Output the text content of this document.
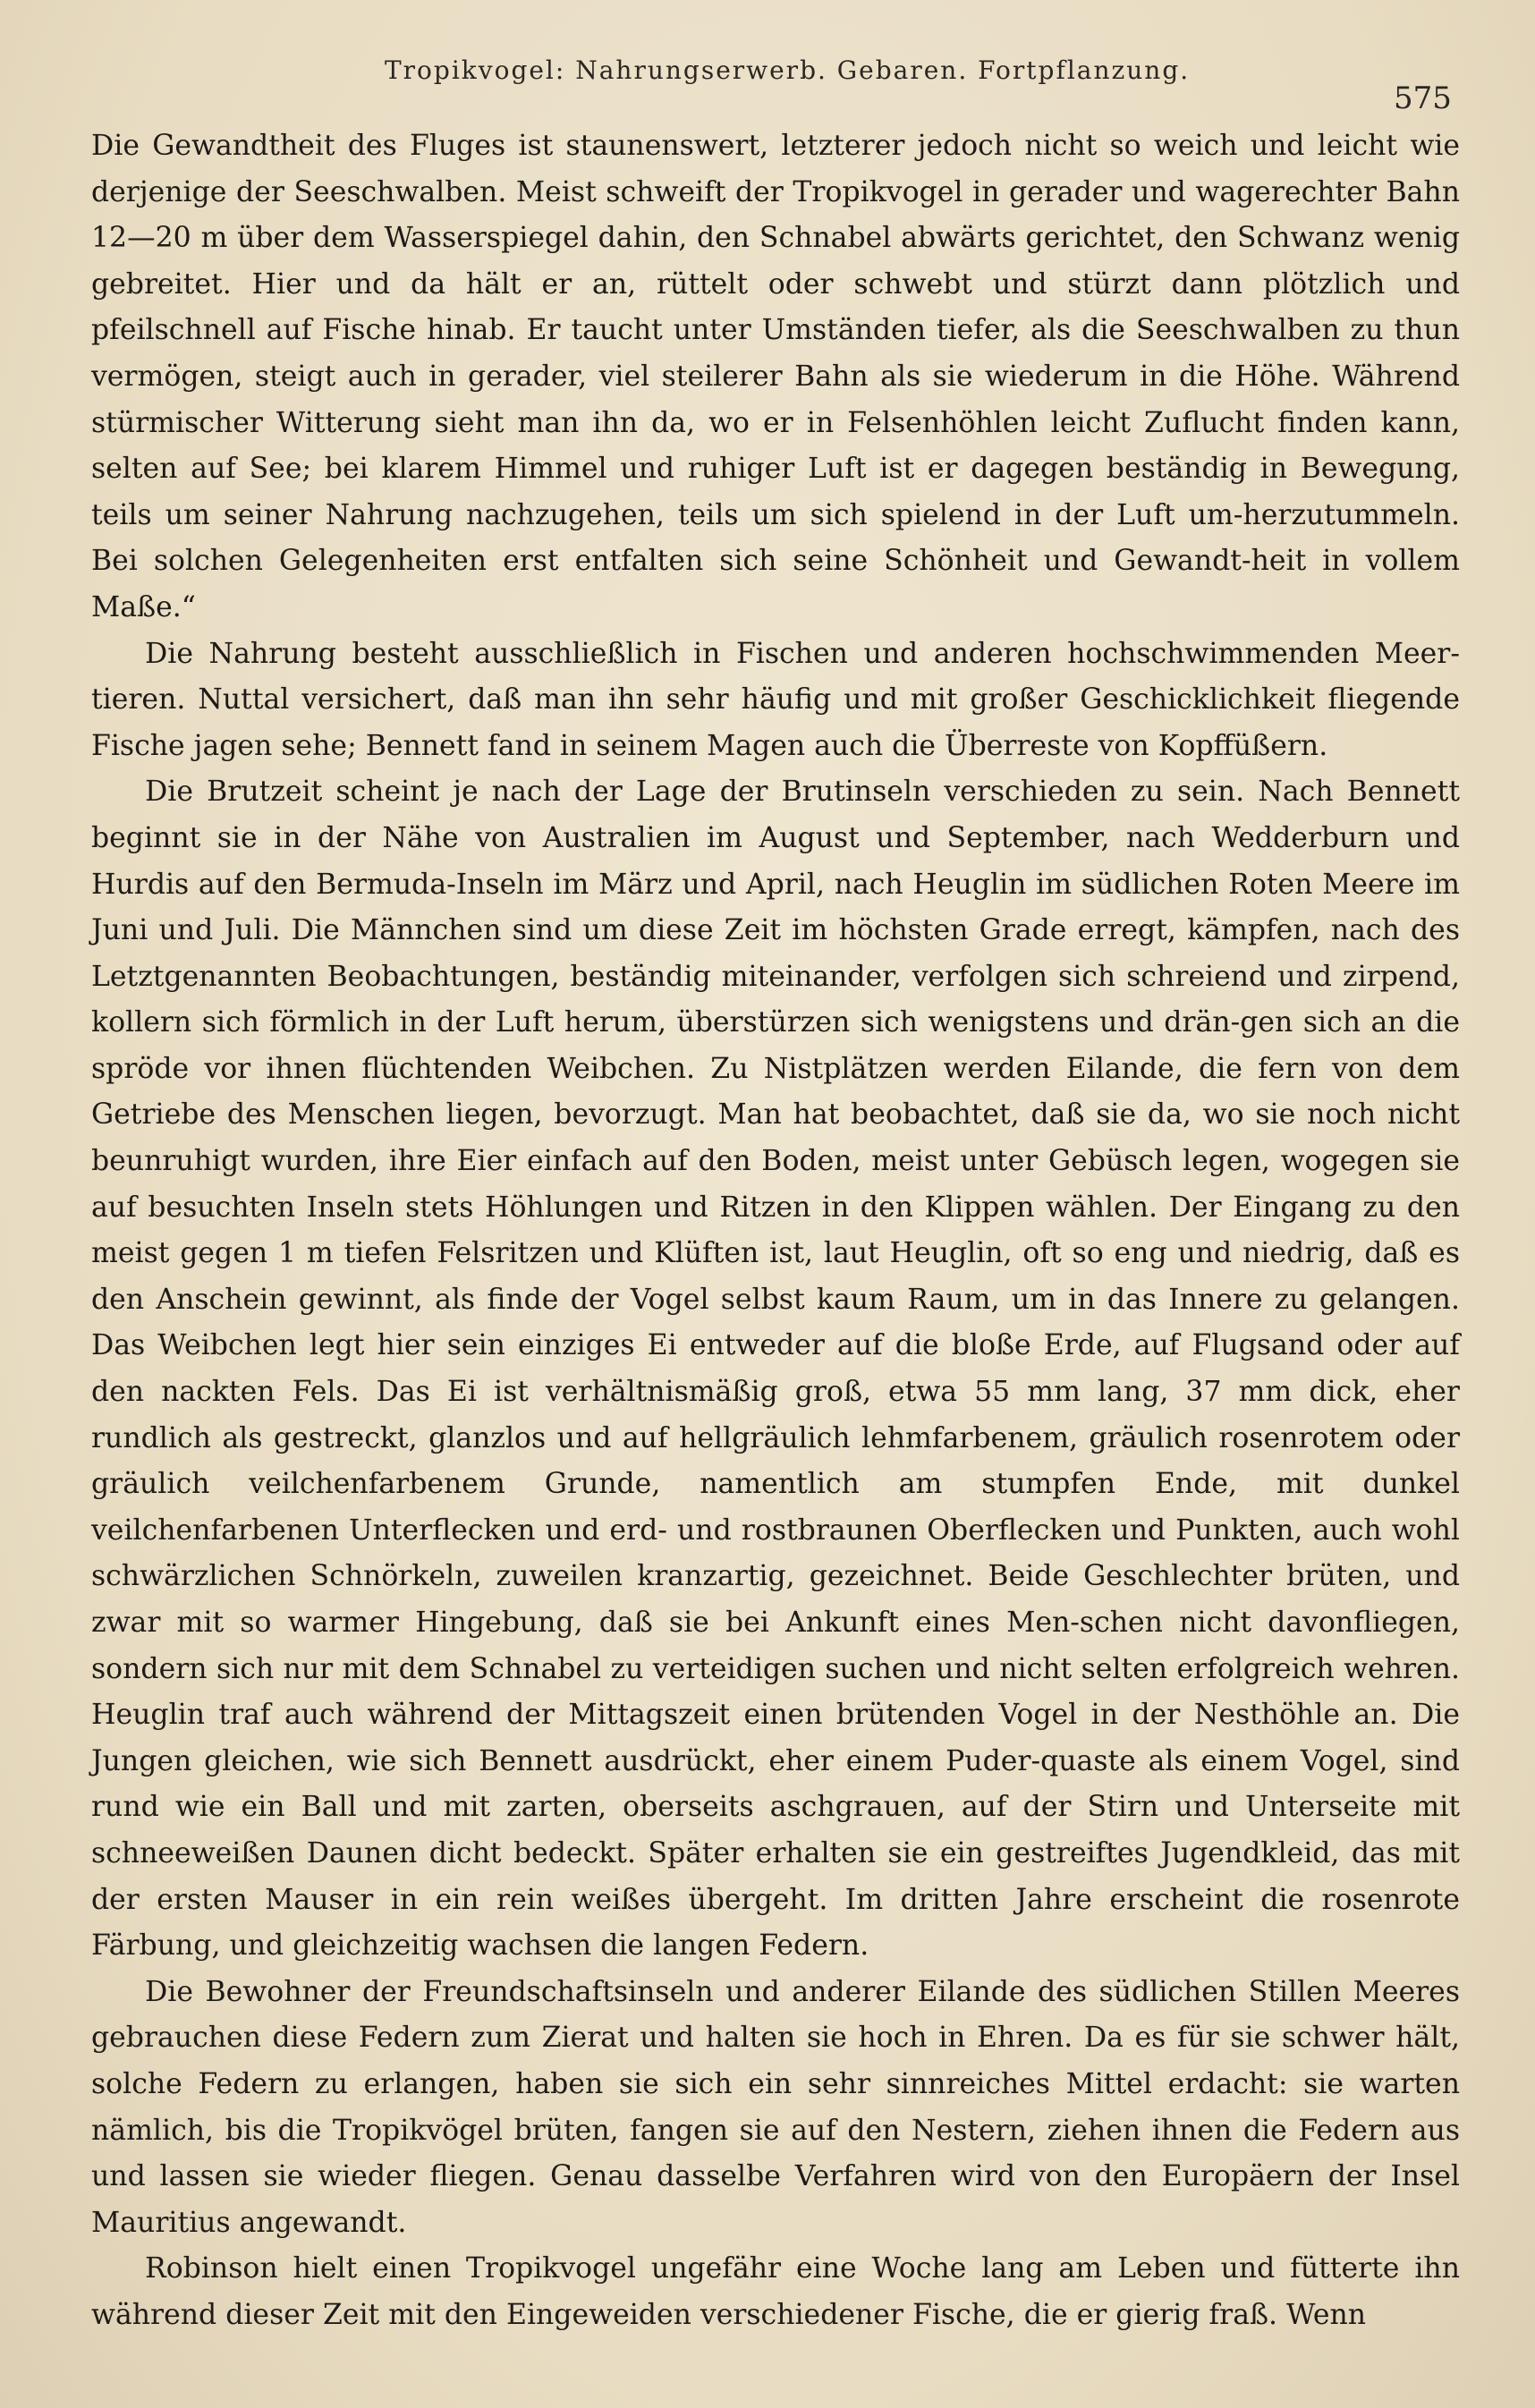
Tropikvogel: Nahrungserwerb. Gebaren. Fortpflanzung.
575

Die Gewandtheit des Fluges ist staunenswert, letzterer jedoch nicht so weich und leicht wie derjenige der Seeschwalben. Meist schweift der Tropikvogel in gerader und wagerechter Bahn 12—20 m über dem Wasserspiegel dahin, den Schnabel abwärts gerichtet, den Schwanz wenig gebreitet. Hier und da hält er an, rüttelt oder schwebt und stürzt dann plötzlich und pfeilschnell auf Fische hinab. Er taucht unter Umständen tiefer, als die Seeschwalben zu thun vermögen, steigt auch in gerader, viel steilerer Bahn als sie wiederum in die Höhe. Während stürmischer Witterung sieht man ihn da, wo er in Felsenhöhlen leicht Zuflucht finden kann, selten auf See; bei klarem Himmel und ruhiger Luft ist er dagegen beständig in Bewegung, teils um seiner Nahrung nachzugehen, teils um sich spielend in der Luft um-herzutummeln. Bei solchen Gelegenheiten erst entfalten sich seine Schönheit und Gewandt-heit in vollem Maße.“

Die Nahrung besteht ausschließlich in Fischen und anderen hochschwimmenden Meer-tieren. Nuttal versichert, daß man ihn sehr häufig und mit großer Geschicklichkeit fliegende Fische jagen sehe; Bennett fand in seinem Magen auch die Überreste von Kopffüßern.

Die Brutzeit scheint je nach der Lage der Brutinseln verschieden zu sein. Nach Bennett beginnt sie in der Nähe von Australien im August und September, nach Wedderburn und Hurdis auf den Bermuda-Inseln im März und April, nach Heuglin im südlichen Roten Meere im Juni und Juli. Die Männchen sind um diese Zeit im höchsten Grade erregt, kämpfen, nach des Letztgenannten Beobachtungen, beständig miteinander, verfolgen sich schreiend und zirpend, kollern sich förmlich in der Luft herum, überstürzen sich wenigstens und drän-gen sich an die spröde vor ihnen flüchtenden Weibchen. Zu Nistplätzen werden Eilande, die fern von dem Getriebe des Menschen liegen, bevorzugt. Man hat beobachtet, daß sie da, wo sie noch nicht beunruhigt wurden, ihre Eier einfach auf den Boden, meist unter Gebüsch legen, wogegen sie auf besuchten Inseln stets Höhlungen und Ritzen in den Klippen wählen. Der Eingang zu den meist gegen 1 m tiefen Felsritzen und Klüften ist, laut Heuglin, oft so eng und niedrig, daß es den Anschein gewinnt, als finde der Vogel selbst kaum Raum, um in das Innere zu gelangen. Das Weibchen legt hier sein einziges Ei entweder auf die bloße Erde, auf Flugsand oder auf den nackten Fels. Das Ei ist verhältnismäßig groß, etwa 55 mm lang, 37 mm dick, eher rundlich als gestreckt, glanzlos und auf hellgräulich lehmfarbenem, gräulich rosenrotem oder gräulich veilchenfarbenem Grunde, namentlich am stumpfen Ende, mit dunkel veilchenfarbenen Unterflecken und erd- und rostbraunen Oberflecken und Punkten, auch wohl schwärzlichen Schnörkeln, zuweilen kranzartig, gezeichnet. Beide Geschlechter brüten, und zwar mit so warmer Hingebung, daß sie bei Ankunft eines Men-schen nicht davonfliegen, sondern sich nur mit dem Schnabel zu verteidigen suchen und nicht selten erfolgreich wehren. Heuglin traf auch während der Mittagszeit einen brütenden Vogel in der Nesthöhle an. Die Jungen gleichen, wie sich Bennett ausdrückt, eher einem Puder-quaste als einem Vogel, sind rund wie ein Ball und mit zarten, oberseits aschgrauen, auf der Stirn und Unterseite mit schneeweißen Daunen dicht bedeckt. Später erhalten sie ein gestreiftes Jugendkleid, das mit der ersten Mauser in ein rein weißes übergeht. Im dritten Jahre erscheint die rosenrote Färbung, und gleichzeitig wachsen die langen Federn.

Die Bewohner der Freundschaftsinseln und anderer Eilande des südlichen Stillen Meeres gebrauchen diese Federn zum Zierat und halten sie hoch in Ehren. Da es für sie schwer hält, solche Federn zu erlangen, haben sie sich ein sehr sinnreiches Mittel erdacht: sie warten nämlich, bis die Tropikvögel brüten, fangen sie auf den Nestern, ziehen ihnen die Federn aus und lassen sie wieder fliegen. Genau dasselbe Verfahren wird von den Europäern der Insel Mauritius angewandt.

Robinson hielt einen Tropikvogel ungefähr eine Woche lang am Leben und fütterte ihn während dieser Zeit mit den Eingeweiden verschiedener Fische, die er gierig fraß. Wenn
